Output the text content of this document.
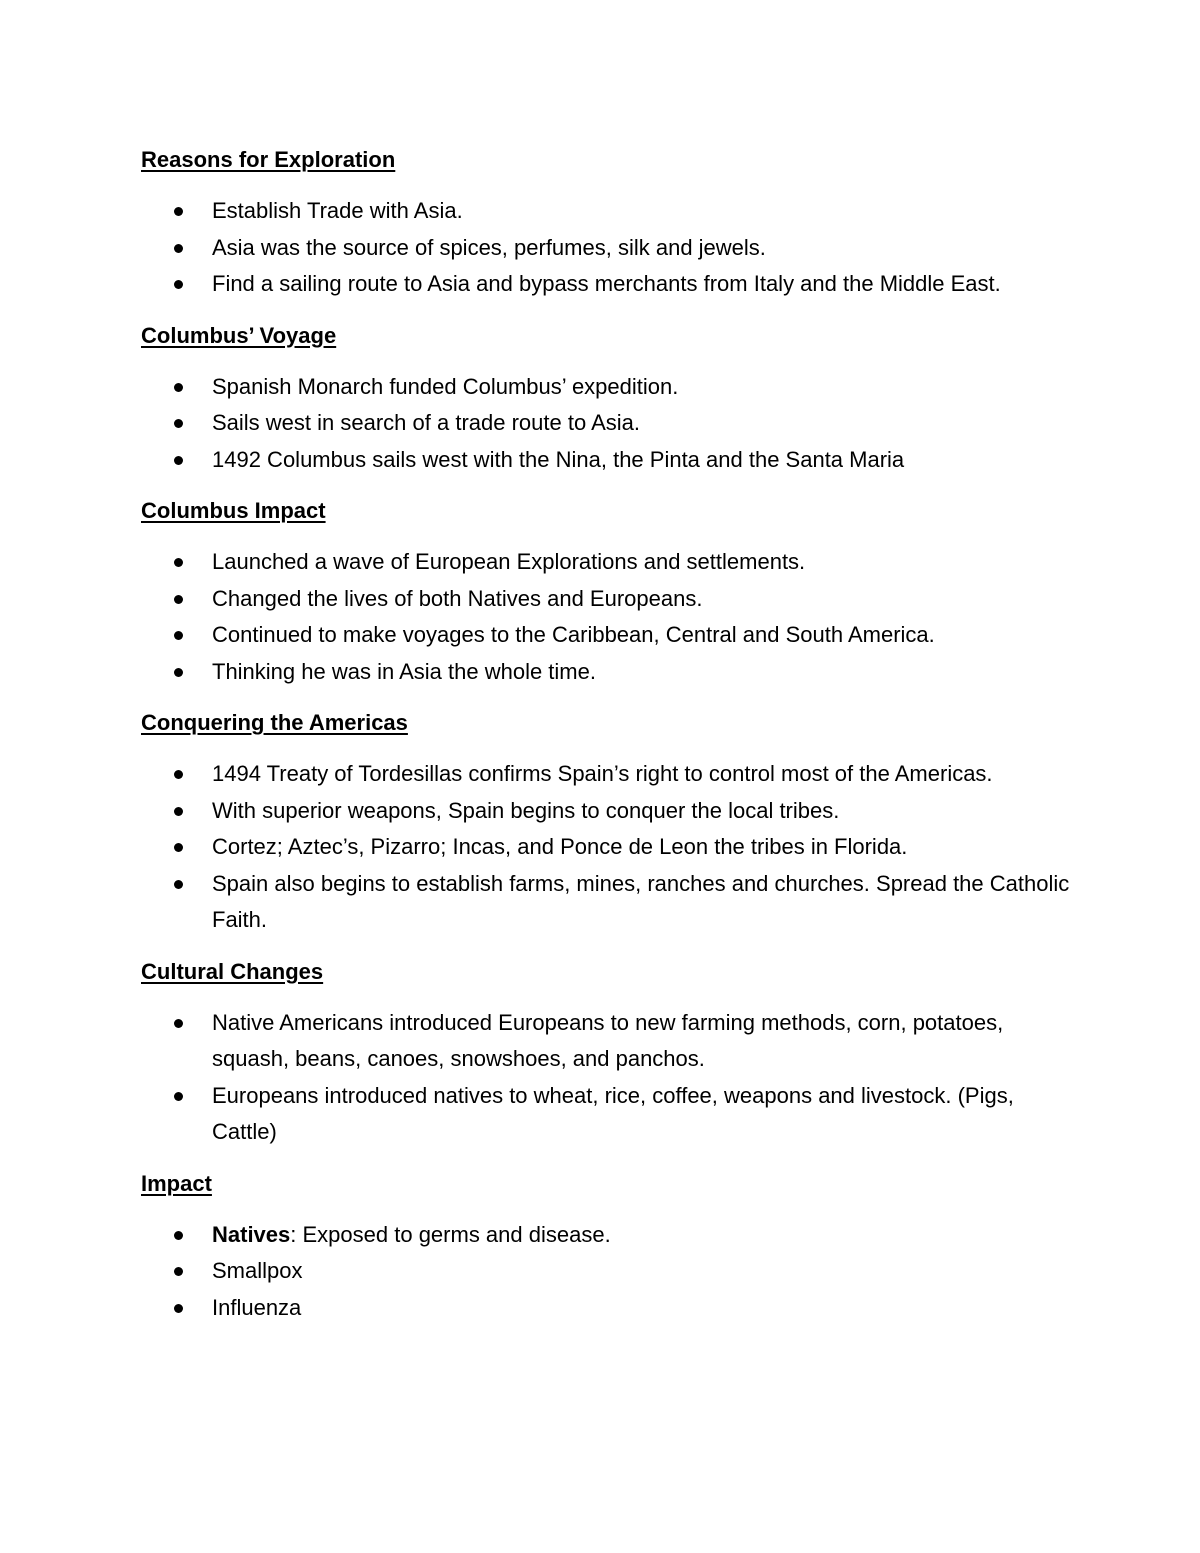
Reasons for Exploration
Establish Trade with Asia.
Asia was the source of spices, perfumes, silk and jewels.
Find a sailing route to Asia and bypass merchants from Italy and the Middle East.
Columbus’ Voyage
Spanish Monarch funded Columbus’ expedition.
Sails west in search of a trade route to Asia.
1492 Columbus sails west with the Nina, the Pinta and the Santa Maria
Columbus Impact
Launched a wave of European Explorations and settlements.
Changed the lives of both Natives and Europeans.
Continued to make voyages to the Caribbean, Central and South America.
Thinking he was in Asia the whole time.
Conquering the Americas
1494 Treaty of Tordesillas confirms Spain’s right to control most of the Americas.
With superior weapons, Spain begins to conquer the local tribes.
Cortez; Aztec’s, Pizarro; Incas, and Ponce de Leon the tribes in Florida.
Spain also begins to establish farms, mines, ranches and churches. Spread the Catholic Faith.
Cultural Changes
Native Americans introduced Europeans to new farming methods, corn, potatoes, squash, beans, canoes, snowshoes, and panchos.
Europeans introduced natives to wheat, rice, coffee, weapons and livestock. (Pigs, Cattle)
Impact
Natives: Exposed to germs and disease.
Smallpox
Influenza
